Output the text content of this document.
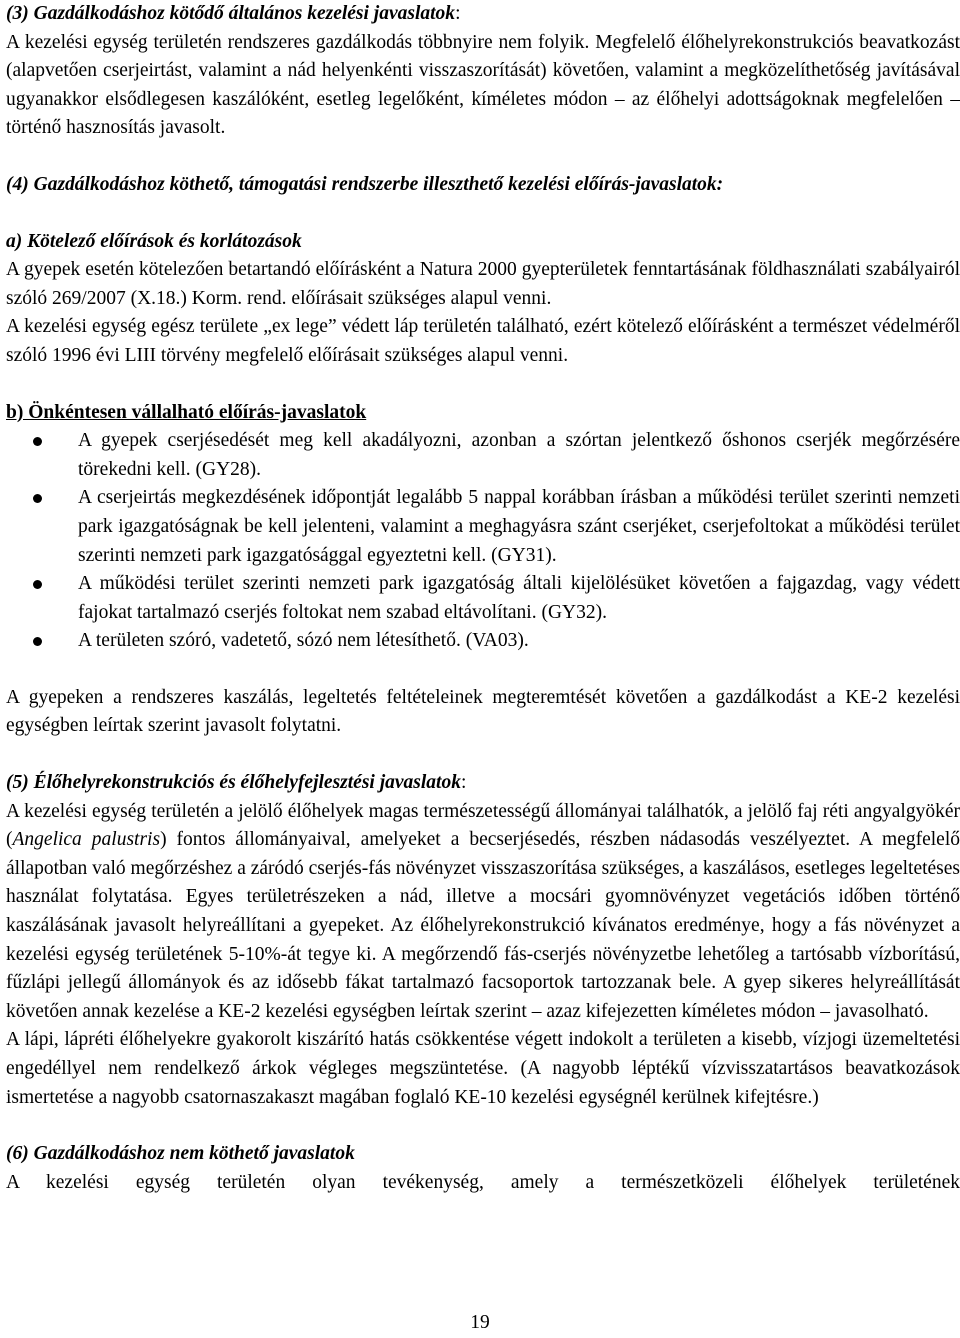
(3) Gazdálkodáshoz kötődő általános kezelési javaslatok:

A kezelési egység területén rendszeres gazdálkodás többnyire nem folyik. Megfelelő élőhelyrekonstrukciós beavatkozást (alapvetően cserjeirtást, valamint a nád helyenkénti visszaszorítását) követően, valamint a megközelíthetőség javításával ugyanakkor elsődlegesen kaszálóként, esetleg legelőként, kíméletes módon – az élőhelyi adottságoknak megfelelően – történő hasznosítás javasolt.

(4) Gazdálkodáshoz köthető, támogatási rendszerbe illeszthető kezelési előírás-javaslatok:

a) Kötelező előírások és korlátozások

A gyepek esetén kötelezően betartandó előírásként a Natura 2000 gyepterületek fenntartásának földhasználati szabályairól szóló 269/2007 (X.18.) Korm. rend. előírásait szükséges alapul venni.

A kezelési egység egész területe „ex lege” védett láp területén található, ezért kötelező előírásként a természet védelméről szóló 1996 évi LIII törvény megfelelő előírásait szükséges alapul venni.

b) Önkéntesen vállalható előírás-javaslatok

A gyepek cserjésedését meg kell akadályozni, azonban a szórtan jelentkező őshonos cserjék megőrzésére törekedni kell. (GY28).
A cserjeirtás megkezdésének időpontját legalább 5 nappal korábban írásban a működési terület szerinti nemzeti park igazgatóságnak be kell jelenteni, valamint a meghagyásra szánt cserjéket, cserjefoltokat a működési terület szerinti nemzeti park igazgatósággal egyeztetni kell. (GY31).
A működési terület szerinti nemzeti park igazgatóság általi kijelölésüket követően a fajgazdag, vagy védett fajokat tartalmazó cserjés foltokat nem szabad eltávolítani. (GY32).
A területen szóró, vadetető, sózó nem létesíthető. (VA03).

A gyepeken a rendszeres kaszálás, legeltetés feltételeinek megteremtését követően a gazdálkodást a KE-2 kezelési egységben leírtak szerint javasolt folytatni.

(5) Élőhelyrekonstrukciós és élőhelyfejlesztési javaslatok:

A kezelési egység területén a jelölő élőhelyek magas természetességű állományai találhatók, a jelölő faj réti angyalgyökér (Angelica palustris) fontos állományaival, amelyeket a becserjésedés, részben nádasodás veszélyeztet. A megfelelő állapotban való megőrzéshez a záródó cserjés-fás növényzet visszaszorítása szükséges, a kaszálásos, esetleges legeltetéses használat folytatása. Egyes területrészeken a nád, illetve a mocsári gyomnövényzet vegetációs időben történő kaszálásának javasolt helyreállítani a gyepeket. Az élőhelyrekonstrukció kívánatos eredménye, hogy a fás növényzet a kezelési egység területének 5-10%-át tegye ki. A megőrzendő fás-cserjés növényzetbe lehetőleg a tartósabb vízborítású, fűzlápi jellegű állományok és az idősebb fákat tartalmazó facsoportok tartozzanak bele. A gyep sikeres helyreállítását követően annak kezelése a KE-2 kezelési egységben leírtak szerint – azaz kifejezetten kíméletes módon – javasolható.

A lápi, lápréti élőhelyekre gyakorolt kiszárító hatás csökkentése végett indokolt a területen a kisebb, vízjogi üzemeltetési engedéllyel nem rendelkező árkok végleges megszüntetése. (A nagyobb léptékű vízvisszatartásos beavatkozások ismertetése a nagyobb csatornaszakaszt magában foglaló KE-10 kezelési egységnél kerülnek kifejtésre.)

(6) Gazdálkodáshoz nem köthető javaslatok

A kezelési egység területén olyan tevékenység, amely a természetközeli élőhelyek területének

19
